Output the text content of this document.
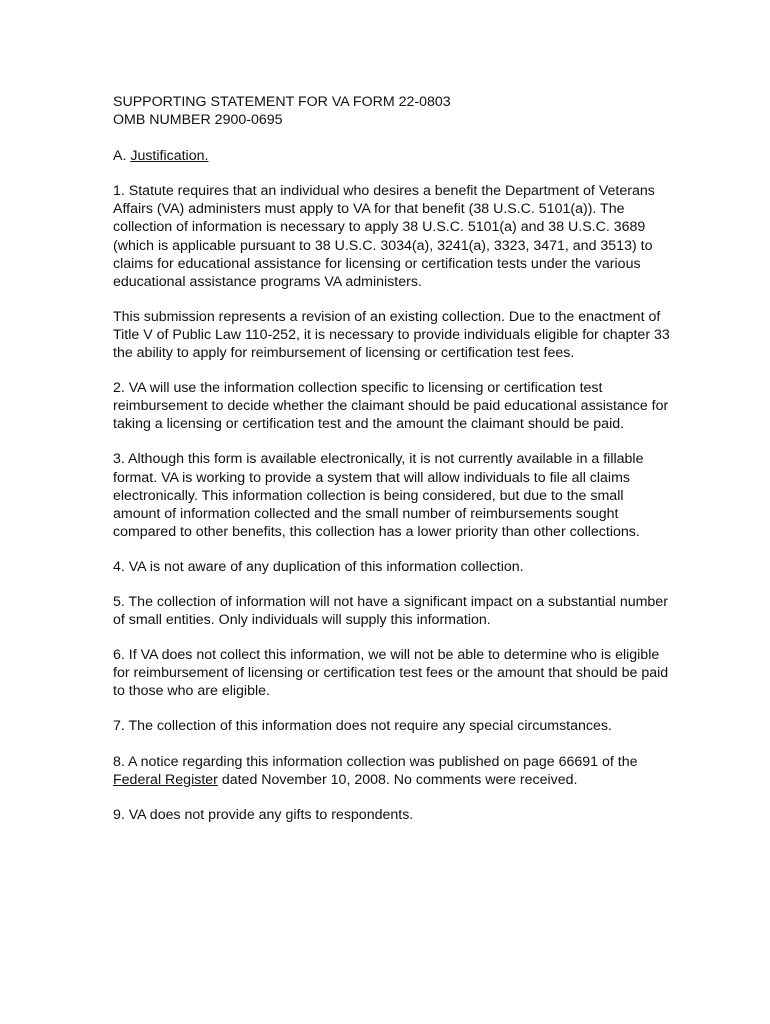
SUPPORTING STATEMENT FOR VA FORM 22-0803
OMB NUMBER 2900-0695

A. Justification.

1. Statute requires that an individual who desires a benefit the Department of Veterans Affairs (VA) administers must apply to VA for that benefit (38 U.S.C. 5101(a)). The collection of information is necessary to apply 38 U.S.C. 5101(a) and 38 U.S.C. 3689 (which is applicable pursuant to 38 U.S.C. 3034(a), 3241(a), 3323, 3471, and 3513) to claims for educational assistance for licensing or certification tests under the various educational assistance programs VA administers.

This submission represents a revision of an existing collection. Due to the enactment of Title V of Public Law 110-252, it is necessary to provide individuals eligible for chapter 33 the ability to apply for reimbursement of licensing or certification test fees.

2. VA will use the information collection specific to licensing or certification test reimbursement to decide whether the claimant should be paid educational assistance for taking a licensing or certification test and the amount the claimant should be paid.

3. Although this form is available electronically, it is not currently available in a fillable format. VA is working to provide a system that will allow individuals to file all claims electronically. This information collection is being considered, but due to the small amount of information collected and the small number of reimbursements sought compared to other benefits, this collection has a lower priority than other collections.

4. VA is not aware of any duplication of this information collection.

5. The collection of information will not have a significant impact on a substantial number of small entities. Only individuals will supply this information.

6. If VA does not collect this information, we will not be able to determine who is eligible for reimbursement of licensing or certification test fees or the amount that should be paid to those who are eligible.

7. The collection of this information does not require any special circumstances.

8. A notice regarding this information collection was published on page 66691 of the Federal Register dated November 10, 2008. No comments were received.

9. VA does not provide any gifts to respondents.
